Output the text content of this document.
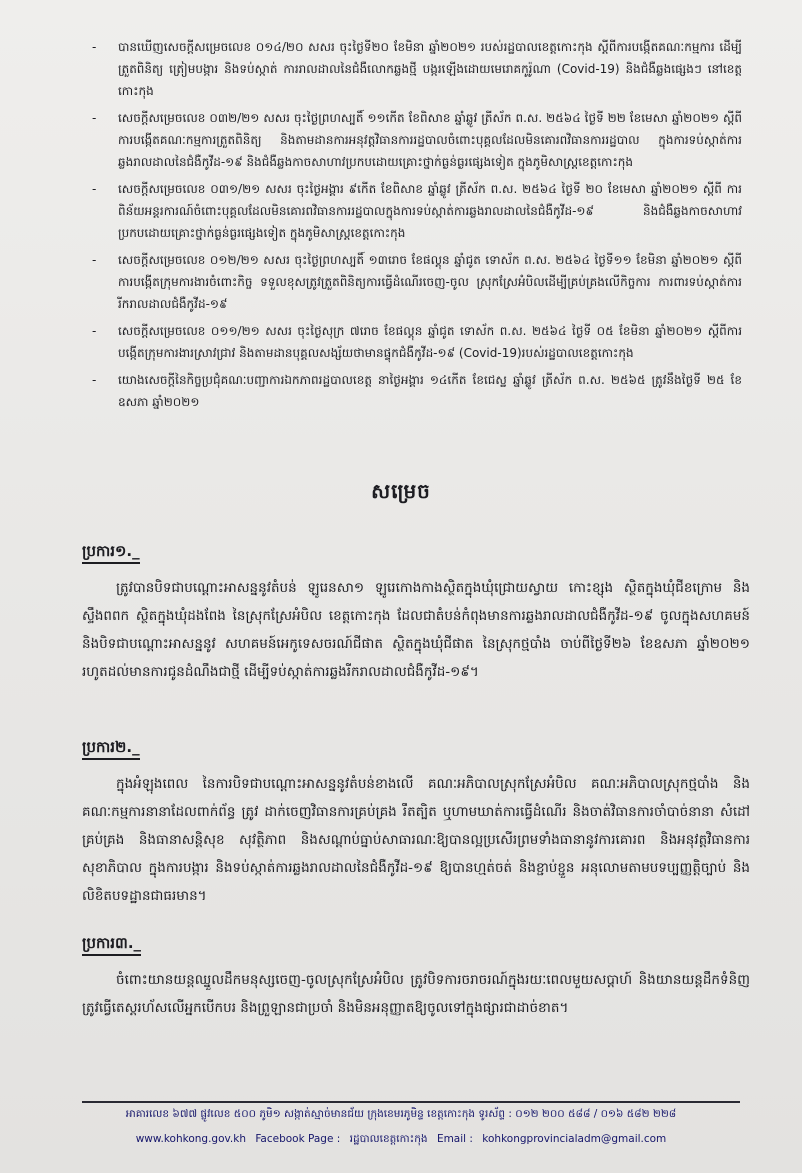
-	បានឃើញសេចក្តីសម្រេចលេខ ០១៤/២០ សសរ ចុះថ្ងៃទី២០ ខែមិនា ឆ្នាំ២០២១ របស់រដ្ឋបាលខេត្តកោះកុង ស្តីពីការបង្កើតគណៈកម្មការ ដើម្បីត្រួតពិនិត្យ ត្រៀមបង្ការ និងទប់ស្កាត់ ការរាលដាលនៃជំងឺលោកឆ្លងថ្មី បង្ករឡើងដោយមេរោគកូរ៉ូណា (Covid-19) និងជំងឺឆ្លងផ្សេងៗ នៅខេត្តកោះកុង
-	សេចក្តីសម្រេចលេខ ០៣២/២១ សសរ ចុះថ្ងៃព្រហស្បតិ៍ ១១កើត ខែពិសាខ ឆ្នាំឆ្លូវ ត្រីស័ក ព.ស. ២៥៦៤ ថ្ងៃទី ២២ ខែមេសា ឆ្នាំ២០២១ ស្តីពី ការបង្កើតគណៈកម្មការត្រួតពិនិត្យ និងតាមដានការអនុវត្តវិធានការរដ្ឋបាលចំពោះបុគ្គលដែលមិនគោរពវិធានការរដ្ឋបាល ក្នុងការទប់ស្កាត់ការឆ្លងរាលដាលនៃជំងឺកូវីដ-១៩ និងជំងឺឆ្លងកាចសាហាវប្រកបដោយគ្រោះថ្នាក់ធ្ងន់ធ្ងរផ្សេងទៀត ក្នុងភូមិសាស្ត្រខេត្តកោះកុង
-	សេចក្តីសម្រេចលេខ ០៣១/២១ សសរ ចុះថ្ងៃអង្គារ ៩កើត ខែពិសាខ ឆ្នាំឆ្លូវ ត្រីស័ក ព.ស. ២៥៦៤ ថ្ងៃទី ២០ ខែមេសា ឆ្នាំ២០២១ ស្តីពី ការពិន័យអន្តរការណ៍ចំពោះបុគ្គលដែលមិនគោរពវិធានការរដ្ឋបាលក្នុងការទប់ស្កាត់ការឆ្លងរាលដាលនៃជំងឺកូវីដ-១៩ និងជំងឺឆ្លងកាចសាហាវប្រកបដោយគ្រោះថ្នាក់ធ្ងន់ធ្ងរផ្សេងទៀត ក្នុងភូមិសាស្ត្រខេត្តកោះកុង
-	សេចក្តីសម្រេចលេខ ០១២/២១ សសរ ចុះថ្ងៃព្រហស្បតិ៍ ១៣រោច ខែផល្គុន ឆ្នាំជូត ទោស័ក ព.ស. ២៥៦៤ ថ្ងៃទី១១ ខែមិនា ឆ្នាំ២០២១ ស្តីពី ការបង្កើតក្រុមការងារចំពោះកិច្ច ទទួលខុសត្រូវត្រួតពិនិត្យការធ្វើដំណើរចេញ-ចូល ស្រុកស្រែអំបិលដើម្បីគ្រប់គ្រងលើកិច្ចការ ការពារទប់ស្កាត់ការរីករាលដាលជំងឺកូវីដ-១៩
-	សេចក្តីសម្រេចលេខ ០១១/២១ សសរ ចុះថ្ងៃសុក្រ ៧រោច ខែផល្គុន ឆ្នាំជូត ទោស័ក ព.ស. ២៥៦៤ ថ្ងៃទី ០៥ ខែមិនា ឆ្នាំ២០២១ ស្តីពីការបង្កើតក្រុមការងារស្រាវជ្រាវ និងតាមដានបុគ្គលសង្ស័យថាមានផ្ទុកជំងឺកូវីដ-១៩ (Covid-19)របស់រដ្ឋបាលខេត្តកោះកុង
-	យោងសេចក្តីនៃកិច្ចប្រជុំគណៈបញ្ជាការឯកភាពរដ្ឋបាលខេត្ត នាថ្ងៃអង្គារ ១៤កើត ខែជេស្ឋ ឆ្នាំឆ្លូវ ត្រីស័ក ព.ស. ២៥៦៥ ត្រូវនឹងថ្ងៃទី ២៥ ខែ ឧសភា ឆ្នាំ២០២១
សម្រេច
ប្រការ១._

ត្រូវបានបិទជាបណ្តោះអាសន្ននូវតំបន់ ឡូរេនសា១ ឡូរេកោងកាងស្ថិតក្នុងឃុំជ្រោយស្វាយ កោះខ្សុង ស្ថិតក្នុងឃុំជីខក្រោម និងស្ទឹងពពក ស្ថិតក្នុងឃុំដងពែង នៃស្រុកស្រែអំបិល ខេត្តកោះកុង ដែលជាតំបន់កំពុងមានការឆ្លងរាលដាលជំងឺកូវីដ-១៩ ចូលក្នុងសហគមន៍ និងបិទជាបណ្តោះអាសន្ននូវ សហគមន៍អេកូទេសចរណ៍ជីផាត ស្ថិតក្នុងឃុំជីផាត នៃស្រុកថ្មបាំង ចាប់ពីថ្ងៃទី២៦ ខែឧសភា ឆ្នាំ២០២១ រហូតដល់មានការជូនដំណឹងជាថ្មី ដើម្បីទប់ស្កាត់ការឆ្លងរីករាលដាលជំងឺកូវីដ-១៩។

ប្រការ២._

ក្នុងអំឡុងពេល នៃការបិទជាបណ្តោះអាសន្ននូវតំបន់ខាងលើ គណៈអភិបាលស្រុកស្រែអំបិល គណៈអភិបាលស្រុកថ្មបាំង និងគណៈកម្មការនានាដែលពាក់ព័ន្ធ ត្រូវ ដាក់ចេញវិធានការគ្រប់គ្រង រឹតត្បិត ឬហាមឃាត់ការធ្វើដំណើរ និងចាត់វិធានការចាំបាច់នានា សំដៅគ្រប់គ្រង និងធានាសន្តិសុខ សុវត្ថិភាព និងសណ្តាប់ធ្នាប់សាធារណៈឱ្យបានល្អប្រសើរព្រមទាំងធានានូវការគោរព និងអនុវត្តវិធានការសុខាភិបាល ក្នុងការបង្ការ និងទប់ស្កាត់ការឆ្លងរាលដាលនៃជំងឺកូវីដ-១៩ ឱ្យបានហ្មត់ចត់ និងខ្ជាប់ខ្ជួន អនុលោមតាមបទប្បញ្ញត្តិច្បាប់ និងលិខិតបទដ្ឋានជាធរមាន។

ប្រការ៣._

ចំពោះយានយន្តឈ្នួលដឹកមនុស្សចេញ-ចូលស្រុកស្រែអំបិល ត្រូវបិទការចរាចរណ៍ក្នុងរយៈពេលមួយសប្តាហ៍ និងយានយន្តដឹកទំនិញត្រូវធ្វើតេស្តរហ័សលើអ្នកបើកបរ និងព្រួឡានជាប្រចាំ និងមិនអនុញ្ញាតឱ្យចូលទៅក្នុងផ្សារជាដាច់ខាត។

អាគារលេខ ៦៧៧ ផ្លូវលេខ ៥០០ ភូមិ១ សង្កាត់ស្មាច់មានជ័យ ក្រុងខេមរភូមិន្ទ ខេត្តកោះកុង ទូរស័ព្ទ : ០១២ ២០០ ៥៨៨ / ០១៦ ៥៨២ ២២៨
www.kohkong.gov.kh Facebook Page : រដ្ឋបាលខេត្តកោះកុង Email : kohkongprovincialadm@gmail.com
